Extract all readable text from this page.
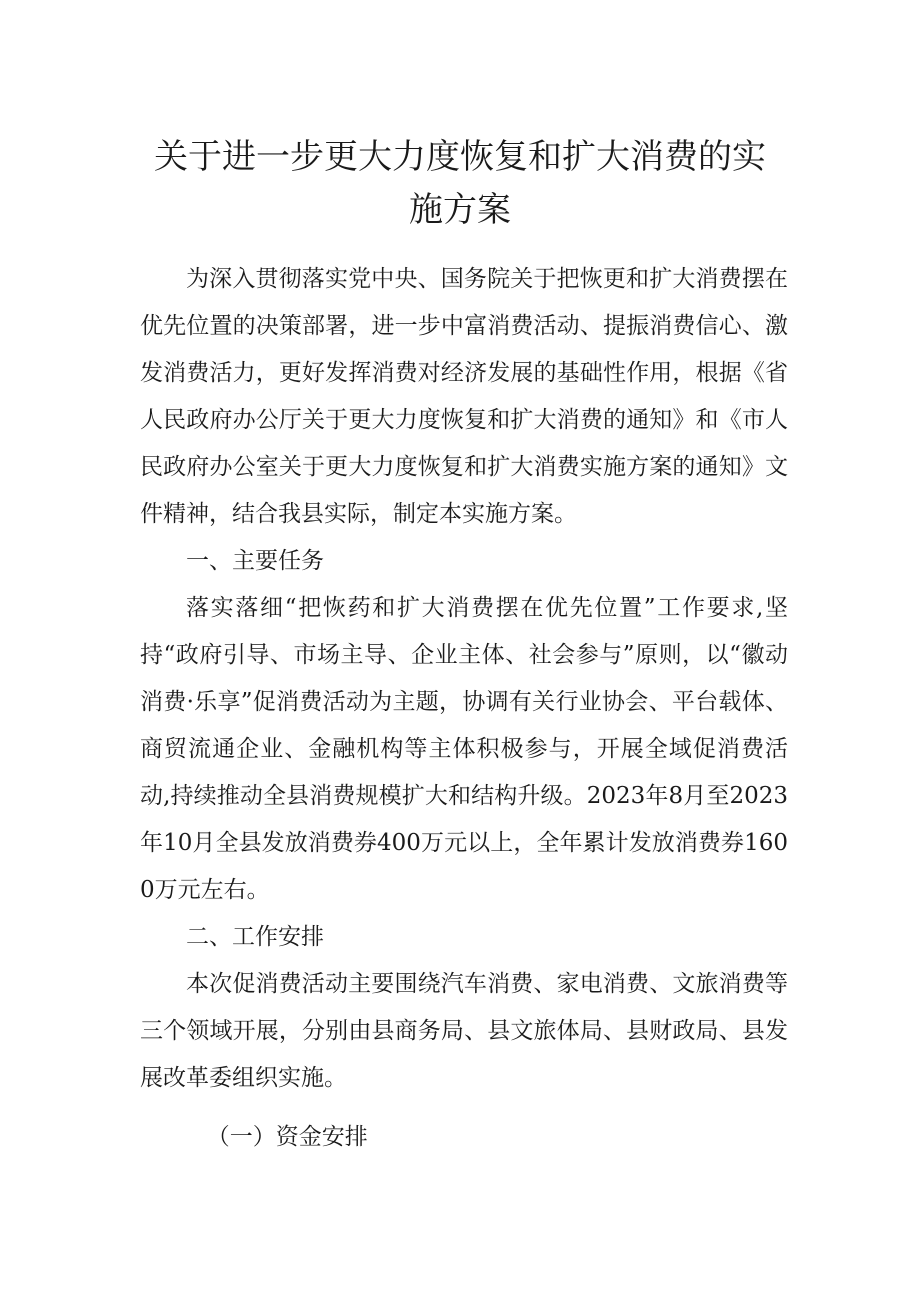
关于进一步更大力度恢复和扩大消费的实施方案

为深入贯彻落实党中央、国务院关于把恢更和扩大消费摆在优先位置的决策部署，进一步中富消费活动、提振消费信心、激发消费活力，更好发挥消费对经济发展的基础性作用，根据《省人民政府办公厅关于更大力度恢复和扩大消费的通知》和《市人民政府办公室关于更大力度恢复和扩大消费实施方案的通知》文件精神，结合我县实际，制定本实施方案。

一、主要任务

落实落细“把恢药和扩大消费摆在优先位置”工作要求,坚持“政府引导、市场主导、企业主体、社会参与”原则，以“徽动消费·乐享”促消费活动为主题，协调有关行业协会、平台载体、商贸流通企业、金融机构等主体积极参与，开展全域促消费活动,持续推动全县消费规模扩大和结构升级。2023年8月至2023年10月全县发放消费券400万元以上，全年累计发放消费券1600万元左右。

二、工作安排

本次促消费活动主要围绕汽车消费、家电消费、文旅消费等三个领域开展，分别由县商务局、县文旅体局、县财政局、县发展改革委组织实施。

（一）资金安排
